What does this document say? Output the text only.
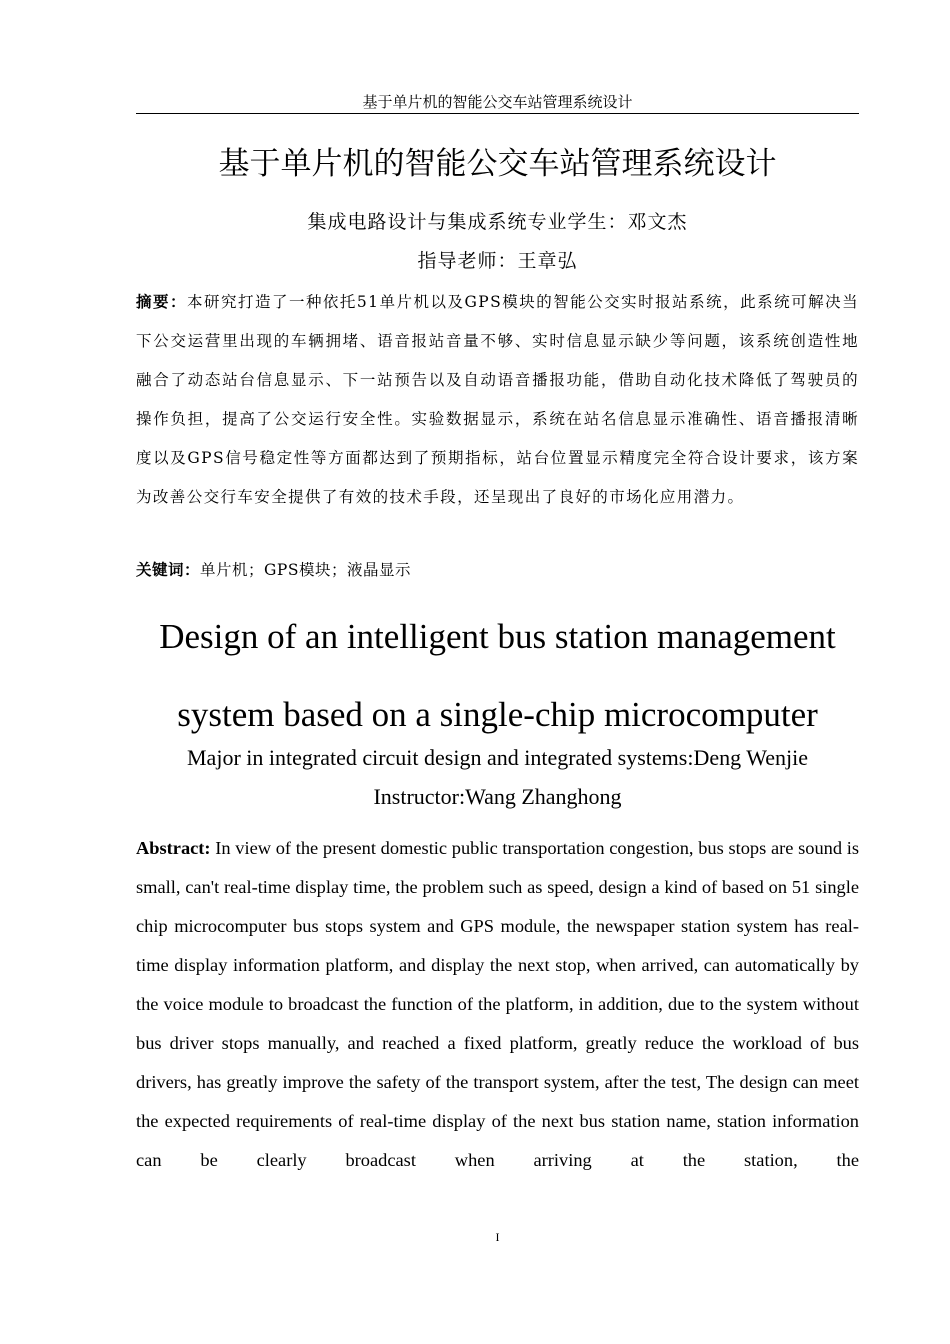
基于单片机的智能公交车站管理系统设计
基于单片机的智能公交车站管理系统设计
集成电路设计与集成系统专业学生：邓文杰
指导老师：王章弘
摘要：本研究打造了一种依托51单片机以及GPS模块的智能公交实时报站系统，此系统可解决当下公交运营里出现的车辆拥堵、语音报站音量不够、实时信息显示缺少等问题，该系统创造性地融合了动态站台信息显示、下一站预告以及自动语音播报功能，借助自动化技术降低了驾驶员的操作负担，提高了公交运行安全性。实验数据显示，系统在站名信息显示准确性、语音播报清晰度以及GPS信号稳定性等方面都达到了预期指标，站台位置显示精度完全符合设计要求，该方案为改善公交行车安全提供了有效的技术手段，还呈现出了良好的市场化应用潜力。
关键词：单片机；GPS模块；液晶显示
Design of an intelligent bus station management system based on a single-chip microcomputer
Major in integrated circuit design and integrated systems:Deng Wenjie
Instructor:Wang Zhanghong
Abstract: In view of the present domestic public transportation congestion, bus stops are sound is small, can't real-time display time, the problem such as speed, design a kind of based on 51 single chip microcomputer bus stops system and GPS module, the newspaper station system has real-time display information platform, and display the next stop, when arrived, can automatically by the voice module to broadcast the function of the platform, in addition, due to the system without bus driver stops manually, and reached a fixed platform, greatly reduce the workload of bus drivers, has greatly improve the safety of the transport system, after the test, The design can meet the expected requirements of real-time display of the next bus station name, station information can be clearly broadcast when arriving at the station, the
I
